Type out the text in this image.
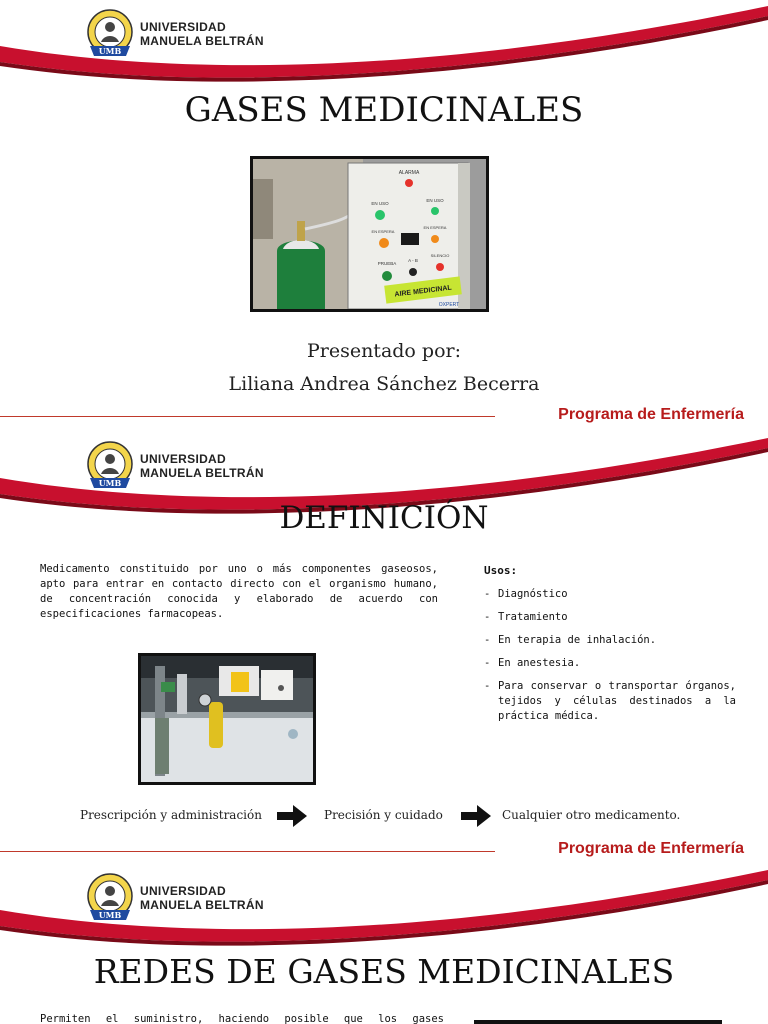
UMB
UNIVERSIDAD
MANUELA BELTRÁN
GASES MEDICINALES
ALARMA
EN USO
EN USO
EN ESPERA
EN ESPERA
PRUEBA
A - B
SILENCIO
AIRE MEDICINAL
OXPERT
Presentado por:
Liliana Andrea Sánchez Becerra
Programa de Enfermería
UMB
UNIVERSIDAD
MANUELA BELTRÁN
DEFINICIÓN

Medicamento constituido por uno o más componentes gaseosos, apto para entrar en contacto directo con el organismo humano, de concentración conocida y elaborado de acuerdo con especificaciones farmacopeas.

Usos:
- Diagnóstico
- Tratamiento
- En terapia de inhalación.
- En anestesia.
- Para conservar o transportar órganos, tejidos y células destinados a la práctica médica.
Prescripción y administración	Precisión y cuidado	Cualquier otro medicamento.
Programa de Enfermería
UMB
UNIVERSIDAD
MANUELA BELTRÁN
REDES DE GASES MEDICINALES

Permiten el suministro, haciendo posible que los gases
